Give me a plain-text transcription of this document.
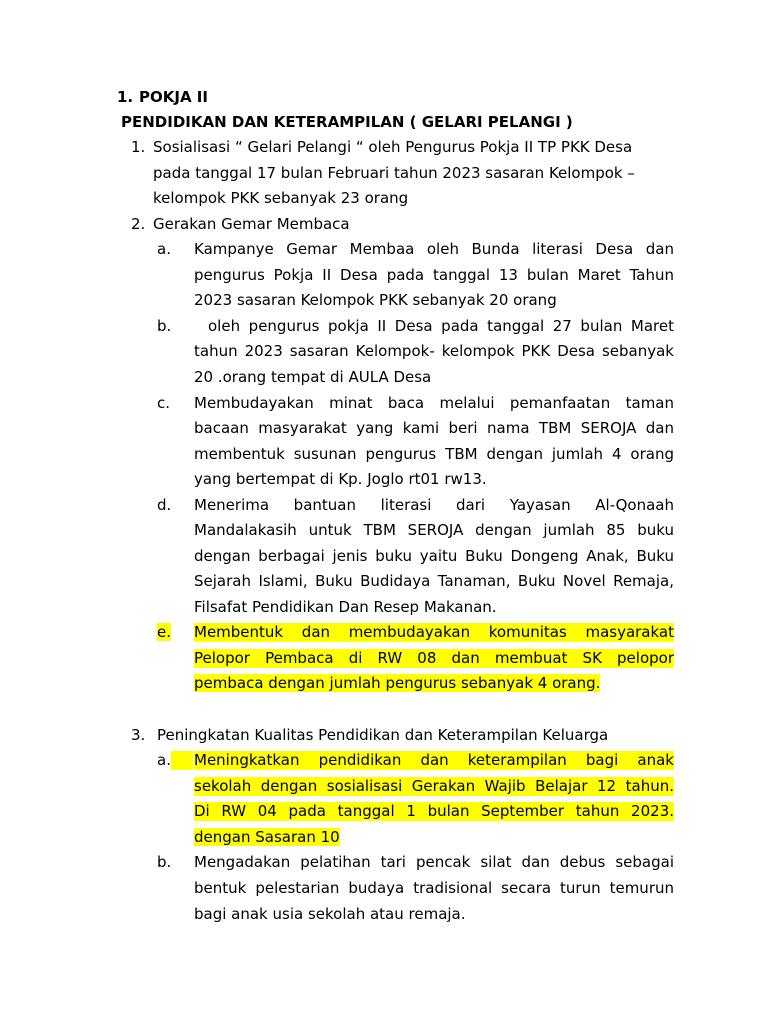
1. POKJA II
PENDIDIKAN DAN KETERAMPILAN ( GELARI PELANGI )
1. Sosialisasi “ Gelari Pelangi “ oleh Pengurus Pokja II TP PKK Desa
pada tanggal 17 bulan Februari tahun 2023 sasaran Kelompok –
kelompok PKK sebanyak 23 orang
2. Gerakan Gemar Membaca
a. Kampanye Gemar Membaa oleh Bunda literasi Desa dan
pengurus Pokja II Desa pada tanggal 13 bulan Maret Tahun
2023 sasaran Kelompok PKK sebanyak 20 orang
b. oleh pengurus pokja II Desa pada tanggal 27 bulan Maret
tahun 2023 sasaran Kelompok- kelompok PKK Desa sebanyak
20 .orang tempat di AULA Desa
c. Membudayakan minat baca melalui pemanfaatan taman
bacaan masyarakat yang kami beri nama TBM SEROJA dan
membentuk susunan pengurus TBM dengan jumlah 4 orang
yang bertempat di Kp. Joglo rt01 rw13.
d. Menerima bantuan literasi dari Yayasan Al-Qonaah
Mandalakasih untuk TBM SEROJA dengan jumlah 85 buku
dengan berbagai jenis buku yaitu Buku Dongeng Anak, Buku
Sejarah Islami, Buku Budidaya Tanaman, Buku Novel Remaja,
Filsafat Pendidikan Dan Resep Makanan.
e. Membentuk dan membudayakan komunitas masyarakat
Pelopor Pembaca di RW 08 dan membuat SK pelopor
pembaca dengan jumlah pengurus sebanyak 4 orang.
3. Peningkatan Kualitas Pendidikan dan Keterampilan Keluarga
a.	Meningkatkan pendidikan dan keterampilan bagi anak
sekolah dengan sosialisasi Gerakan Wajib Belajar 12 tahun.
Di RW 04 pada tanggal 1 bulan September tahun 2023.
dengan Sasaran 10
b. Mengadakan pelatihan tari pencak silat dan debus sebagai
bentuk pelestarian budaya tradisional secara turun temurun
bagi anak usia sekolah atau remaja.
